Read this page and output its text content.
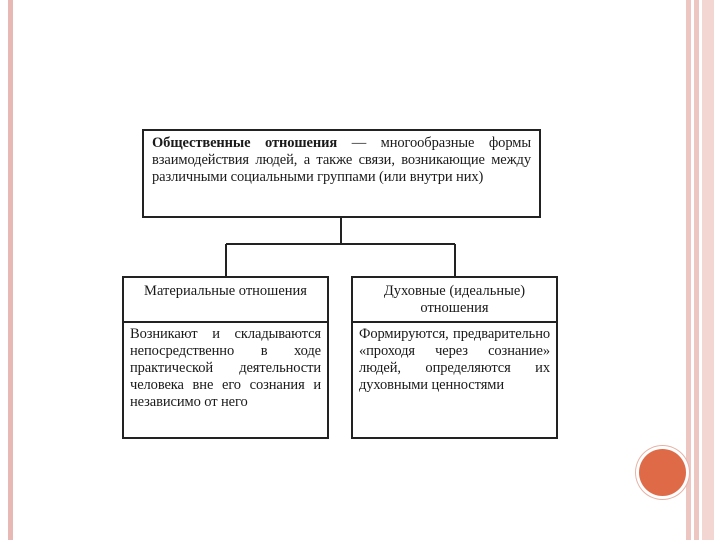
Общественные отношения — многообразные формы взаимодействия людей, а также связи, возникающие между различными социальными группами (или внутри них)
Материальные отношения
Возникают и складываются непосредственно в ходе практической деятельности человека вне его сознания и независимо от него
Духовные (идеальные) отношения
Формируются, предварительно «проходя через сознание» людей, определяются их духовными ценностями
